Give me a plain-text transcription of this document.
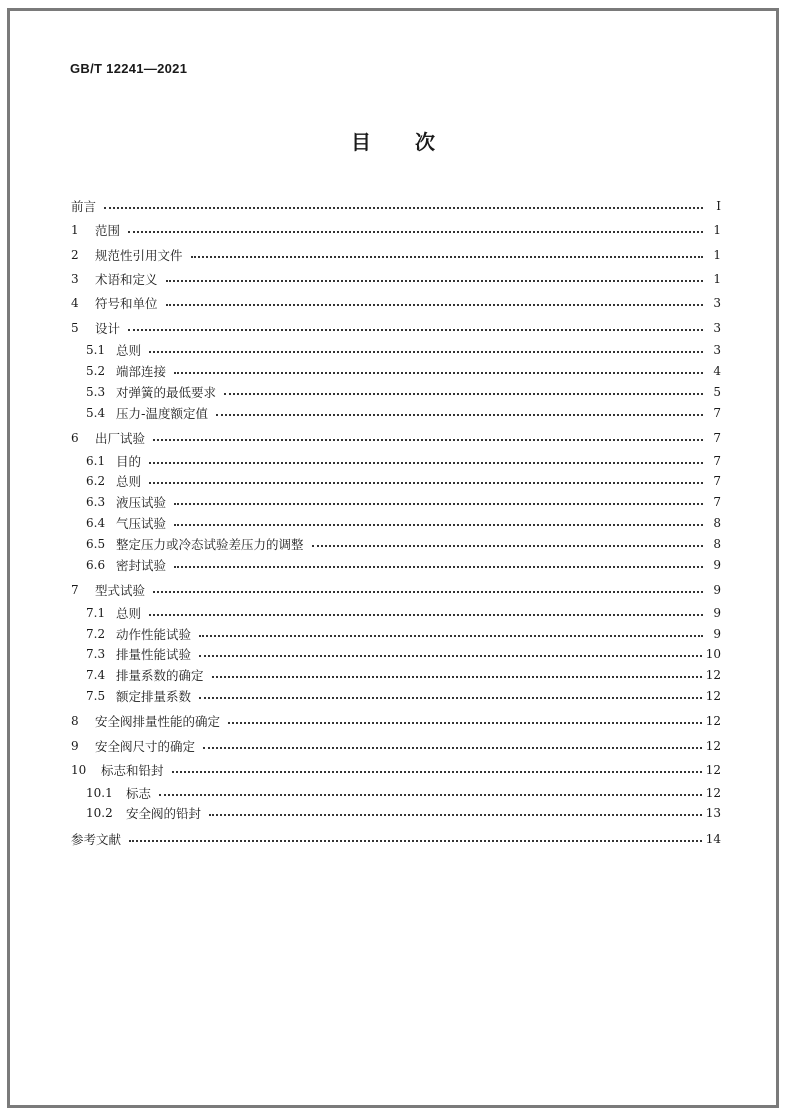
GB/T 12241—2021
目 次
前言	Ⅰ
1	范围	1
2	规范性引用文件	1
3	术语和定义	1
4	符号和单位	3
5	设计	3
5.1 总则	3
5.2 端部连接	4
5.3 对弹簧的最低要求	5
5.4 压力-温度额定值	7
6	出厂试验	7
6.1 目的	7
6.2 总则	7
6.3 液压试验	7
6.4 气压试验	8
6.5 整定压力或冷态试验差压力的调整	8
6.6 密封试验	9
7	型式试验	9
7.1 总则	9
7.2 动作性能试验	9
7.3 排量性能试验	10
7.4 排量系数的确定	12
7.5 额定排量系数	12
8	安全阀排量性能的确定	12
9	安全阀尺寸的确定	12
10	标志和铅封	12
10.1	标志	12
10.2	安全阀的铅封	13
参考文献	14
